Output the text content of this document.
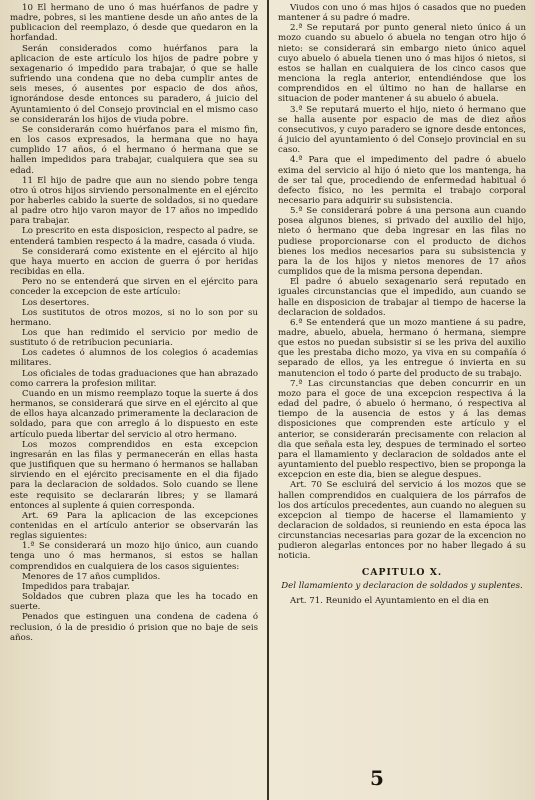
10 El hermano de uno ó mas huérfanos de padre y madre, pobres, si les mantiene desde un año antes de la publicacion del reemplazo, ó desde que quedaron en la horfandad.

Serán considerados como huérfanos para la aplicacion de este artículo los hijos de padre pobre y sexagenario ó impedido para trabajar, ó que se halle sufriendo una condena que no deba cumplir antes de seis meses, ó ausentes por espacio de dos años, ignorándose desde entonces su paradero, á juicio del Ayuntamiento ó del Consejo provincial en el mismo caso se considerarán los hijos de viuda pobre.

Se considerarán como huérfanos para el mismo fin, en los casos expresados, la hermana que no haya cumplido 17 años, ó el hermano ó hermana que se hallen impedidos para trabajar, cualquiera que sea su edad.

11 El hijo de padre que aun no siendo pobre tenga otro ú otros hijos sirviendo personalmente en el ejército por haberles cabido la suerte de soldados, si no quedare al padre otro hijo varon mayor de 17 años no impedido para trabajar.

Lo prescrito en esta disposicion, respecto al padre, se entenderá tambien respecto á la madre, casada ó viuda.

Se considerará como existente en el ejército al hijo que haya muerto en accion de guerra ó por heridas recibidas en ella.

Pero no se entenderá que sirven en el ejército para conceder la excepcion de este artículo:

Los desertores.

Los sustitutos de otros mozos, si no lo son por su hermano.

Los que han redimido el servicio por medio de sustituto ó de retribucion pecuniaria.

Los cadetes ó alumnos de los colegios ó academias militares.

Los oficiales de todas graduaciones que han abrazado como carrera la profesion militar.

Cuando en un mismo reemplazo toque la suerte á dos hermanos, se considerará que sirve en el ejército al que de ellos haya alcanzado primeramente la declaracion de soldado, para que con arreglo á lo dispuesto en este artículo pueda libertar del servicio al otro hermano.

Los mozos comprendidos en esta excepcion ingresarán en las filas y permanecerán en ellas hasta que justifiquen que su hermano ó hermanos se hallaban sirviendo en el ejército precisamente en el dia fijado para la declaracion de soldados. Solo cuando se llene este requisito se declararán libres; y se llamará entonces al suplente á quien corresponda.

Art. 69 Para la aplicacion de las excepciones contenidas en el artículo anterior se observarán las reglas siguientes:

1.ª Se considerará un mozo hijo único, aun cuando tenga uno ó mas hermanos, si estos se hallan comprendidos en cualquiera de los casos siguientes:

Menores de 17 años cumplidos.

Impedidos para trabajar.

Soldados que cubren plaza que les ha tocado en suerte.

Penados que estinguen una condena de cadena ó reclusion, ó la de presidio ó prision que no baje de seis años.

Viudos con uno ó mas hijos ó casados que no pueden mantener á su padre ó madre.

2.ª Se reputará por punto general nieto único á un mozo cuando su abuelo ó abuela no tengan otro hijo ó nieto: se considerará sin embargo nieto único aquel cuyo abuelo ó abuela tienen uno ó mas hijos ó nietos, si estos se hallan en cualquiera de los cinco casos que menciona la regla anterior, entendiéndose que los comprendidos en el último no han de hallarse en situacion de poder mantener á su abuelo ó abuela.

3.ª Se reputará muerto el hijo, nieto ó hermano que se halla ausente por espacio de mas de diez años consecutivos, y cuyo paradero se ignore desde entonces, á juicio del ayuntamiento ó del Consejo provincial en su caso.

4.ª Para que el impedimento del padre ó abuelo exima del servicio al hijo ó nieto que los mantenga, ha de ser tal que, procediendo de enfermedad habitual ó defecto físico, no les permita el trabajo corporal necesario para adquirir su subsistencia.

5.ª Se considerará pobre á una persona aun cuando posea algunos bienes, si privado del auxilio del hijo, nieto ó hermano que deba ingresar en las filas no pudiese proporcionarse con el producto de dichos bienes los medios necesarios para su subsistencia y para la de los hijos y nietos menores de 17 años cumplidos que de la misma persona dependan.

El padre ó abuelo sexagenario será reputado en iguales circunstancias que el impedido, aun cuando se halle en disposicion de trabajar al tiempo de hacerse la declaracion de soldados.

6.ª Se entenderá que un mozo mantiene á su padre, madre, abuelo, abuela, hermano ó hermana, siempre que estos no puedan subsistir si se les priva del auxilio que les prestaba dicho mozo, ya viva en su compañía ó separado de ellos, ya les entregue ó invierta en su manutencion el todo ó parte del producto de su trabajo.

7.ª Las circunstancias que deben concurrir en un mozo para el goce de una excepcion respectiva á la edad del padre, ó abuelo ó hermano, ó respectiva al tiempo de la ausencia de estos y á las demas disposiciones que comprenden este artículo y el anterior, se considerarán precisamente con relacion al dia que señala esta ley, despues de terminado el sorteo para el llamamiento y declaracion de soldados ante el ayuntamiento del pueblo respectivo, bien se proponga la excepcion en este dia, bien se alegue despues.

Art. 70 Se escluirá del servicio á los mozos que se hallen comprendidos en cualquiera de los párrafos de los dos artículos precedentes, aun cuando no aleguen su excepcion al tiempo de hacerse el llamamiento y declaracion de soldados, si reuniendo en esta época las circunstancias necesarias para gozar de la excencion no pudieron alegarlas entonces por no haber llegado á su noticia.

CAPITULO X.
Del llamamiento y declaracion de soldados y suplentes.

Art. 71. Reunido el Ayuntamiento en el dia en

5
